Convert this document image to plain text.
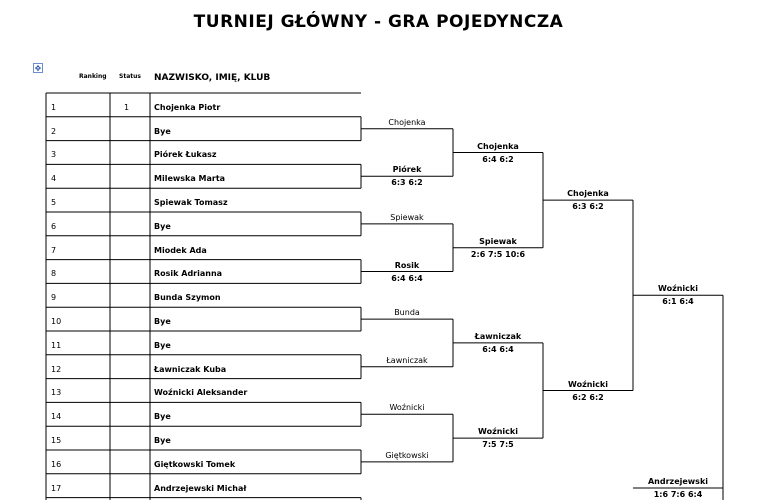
TURNIEJ GŁÓWNY - GRA POJEDYNCZA
✥
Ranking Status NAZWISKO, IMIĘ, KLUB
1	1	Chojenka Piotr
2	Bye
3	Piórek Łukasz
4	Milewska Marta
5	Spiewak Tomasz
6	Bye
7	Miodek Ada
8	Rosik Adrianna
9	Bunda Szymon
10	Bye
11	Bye
12	Ławniczak Kuba
13	Woźnicki Aleksander
14	Bye
15	Bye
16	Giętkowski Tomek
17	Andrzejewski Michał
Chojenka
Piórek
6:3 6:2
Spiewak
Rosik
6:4 6:4
Bunda
Ławniczak
Woźnicki
Giętkowski
Chojenka
6:4 6:2
Spiewak
2:6 7:5 10:6
Ławniczak
6:4 6:4
Woźnicki
7:5 7:5
Chojenka
6:3 6:2
Woźnicki
6:2 6:2
Woźnicki
6:1 6:4
Andrzejewski
1:6 7:6 6:4
